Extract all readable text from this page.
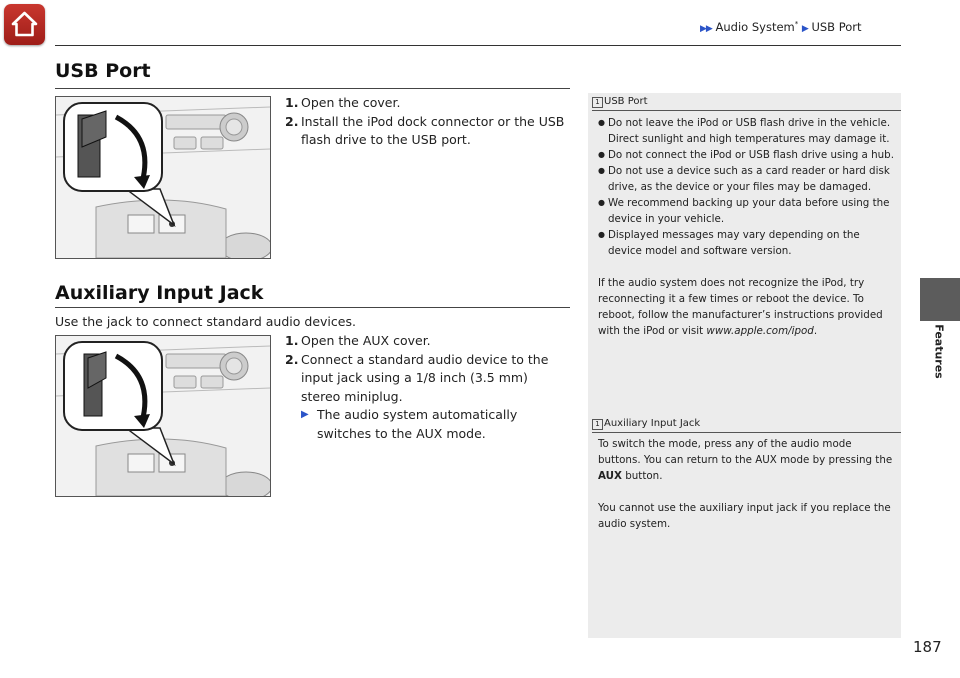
▶▶ Audio System* ▶ USB Port
Features
USB Port
1. Open the cover.
2. Install the iPod dock connector or the USB flash drive to the USB port.
Auxiliary Input Jack
Use the jack to connect standard audio devices.
1. Open the AUX cover.
2. Connect a standard audio device to the input jack using a 1/8 inch (3.5 mm) stereo miniplug.
▶ The audio system automatically switches to the AUX mode.
1 USB Port
● Do not leave the iPod or USB flash drive in the vehicle. Direct sunlight and high temperatures may damage it.
● Do not connect the iPod or USB flash drive using a hub.
● Do not use a device such as a card reader or hard disk drive, as the device or your files may be damaged.
● We recommend backing up your data before using the device in your vehicle.
● Displayed messages may vary depending on the device model and software version.

If the audio system does not recognize the iPod, try reconnecting it a few times or reboot the device. To reboot, follow the manufacturer’s instructions provided with the iPod or visit www.apple.com/ipod.

1 Auxiliary Input Jack

To switch the mode, press any of the audio mode buttons. You can return to the AUX mode by pressing the AUX button.

You cannot use the auxiliary input jack if you replace the audio system.

187
